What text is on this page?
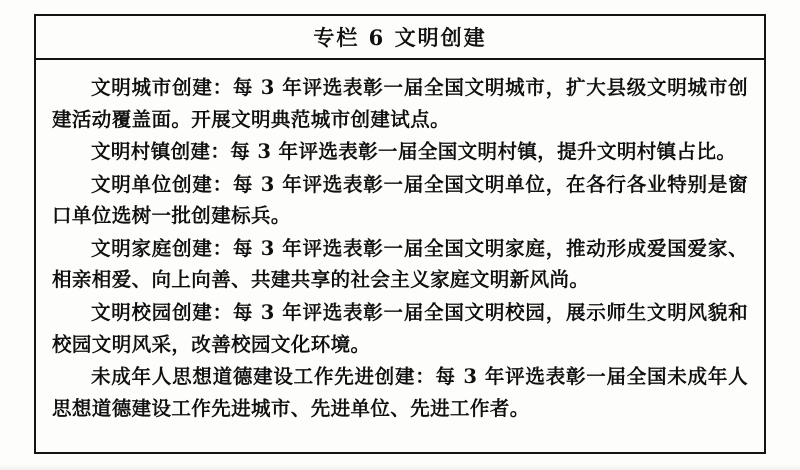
专栏 6 文明创建

文明城市创建：每 3 年评选表彰一届全国文明城市，扩大县级文明城市创建活动覆盖面。开展文明典范城市创建试点。

文明村镇创建：每 3 年评选表彰一届全国文明村镇，提升文明村镇占比。

文明单位创建：每 3 年评选表彰一届全国文明单位，在各行各业特别是窗口单位选树一批创建标兵。

文明家庭创建：每 3 年评选表彰一届全国文明家庭，推动形成爱国爱家、相亲相爱、向上向善、共建共享的社会主义家庭文明新风尚。

文明校园创建：每 3 年评选表彰一届全国文明校园，展示师生文明风貌和校园文明风采，改善校园文化环境。

未成年人思想道德建设工作先进创建：每 3 年评选表彰一届全国未成年人思想道德建设工作先进城市、先进单位、先进工作者。
